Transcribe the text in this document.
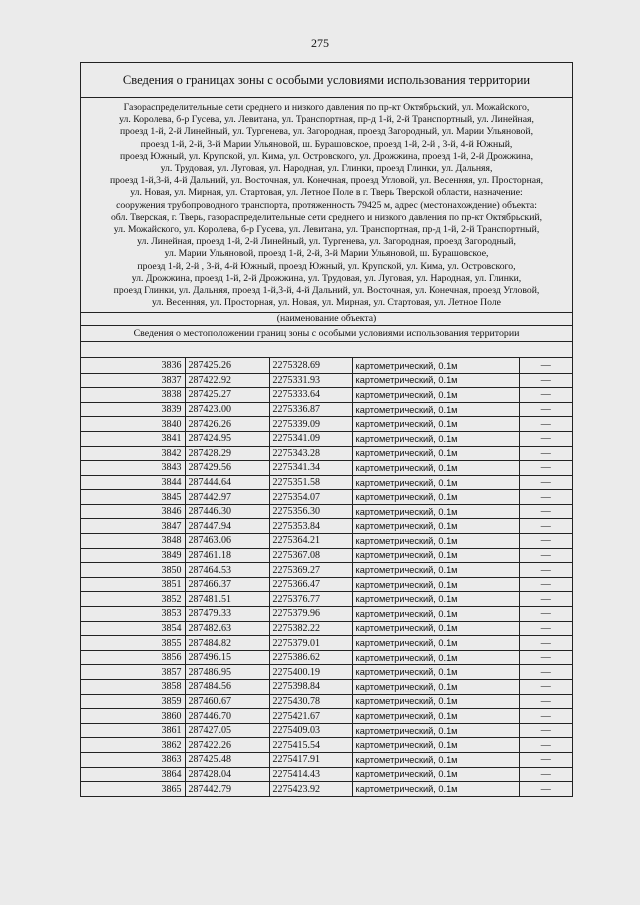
275
Сведения о границах зоны с особыми условиями использования территории
Газораспределительные сети среднего и низкого давления по пр-кт Октябрьский, ул. Можайского,
ул. Королева, б-р Гусева, ул. Левитана, ул. Транспортная, пр-д 1-й, 2-й Транспортный, ул. Линейная,
проезд 1-й, 2-й Линейный, ул. Тургенева, ул. Загородная, проезд Загородный, ул. Марии Ульяновой,
проезд 1-й, 2-й, 3-й Марии Ульяновой, ш. Бурашовское, проезд 1-й, 2-й , 3-й, 4-й Южный,
проезд Южный, ул. Крупской, ул. Кима, ул. Островского, ул. Дрожжина, проезд 1-й, 2-й Дрожжина,
ул. Трудовая, ул. Луговая, ул. Народная, ул. Глинки, проезд Глинки, ул. Дальняя,
проезд 1-й,3-й, 4-й Дальний, ул. Восточная, ул. Конечная, проезд Угловой, ул. Весенняя, ул. Просторная,
ул. Новая, ул. Мирная, ул. Стартовая, ул. Летное Поле в г. Тверь Тверской области, назначение:
сооружения трубопроводного транспорта, протяженность 79425 м, адрес (местонахождение) объекта:
обл. Тверская, г. Тверь, газораспределительные сети среднего и низкого давления по пр-кт Октябрьский,
ул. Можайского, ул. Королева, б-р Гусева, ул. Левитана, ул. Транспортная, пр-д 1-й, 2-й Транспортный,
ул. Линейная, проезд 1-й, 2-й Линейный, ул. Тургенева, ул. Загородная, проезд Загородный,
ул. Марии Ульяновой, проезд 1-й, 2-й, 3-й Марии Ульяновой, ш. Бурашовское,
проезд 1-й, 2-й , 3-й, 4-й Южный, проезд Южный, ул. Крупской, ул. Кима, ул. Островского,
ул. Дрожжина, проезд 1-й, 2-й Дрожжина, ул. Трудовая, ул. Луговая, ул. Народная, ул. Глинки,
проезд Глинки, ул. Дальняя, проезд 1-й,3-й, 4-й Дальний, ул. Восточная, ул. Конечная, проезд Угловой,
ул. Весенняя, ул. Просторная, ул. Новая, ул. Мирная, ул. Стартовая, ул. Летное Поле
(наименование объекта)
Сведения о местоположении границ зоны с особыми условиями использования территории
3836	287425.26	2275328.69	картометрический, 0.1м	—
3837	287422.92	2275331.93	картометрический, 0.1м	—
3838	287425.27	2275333.64	картометрический, 0.1м	—
3839	287423.00	2275336.87	картометрический, 0.1м	—
3840	287426.26	2275339.09	картометрический, 0.1м	—
3841	287424.95	2275341.09	картометрический, 0.1м	—
3842	287428.29	2275343.28	картометрический, 0.1м	—
3843	287429.56	2275341.34	картометрический, 0.1м	—
3844	287444.64	2275351.58	картометрический, 0.1м	—
3845	287442.97	2275354.07	картометрический, 0.1м	—
3846	287446.30	2275356.30	картометрический, 0.1м	—
3847	287447.94	2275353.84	картометрический, 0.1м	—
3848	287463.06	2275364.21	картометрический, 0.1м	—
3849	287461.18	2275367.08	картометрический, 0.1м	—
3850	287464.53	2275369.27	картометрический, 0.1м	—
3851	287466.37	2275366.47	картометрический, 0.1м	—
3852	287481.51	2275376.77	картометрический, 0.1м	—
3853	287479.33	2275379.96	картометрический, 0.1м	—
3854	287482.63	2275382.22	картометрический, 0.1м	—
3855	287484.82	2275379.01	картометрический, 0.1м	—
3856	287496.15	2275386.62	картометрический, 0.1м	—
3857	287486.95	2275400.19	картометрический, 0.1м	—
3858	287484.56	2275398.84	картометрический, 0.1м	—
3859	287460.67	2275430.78	картометрический, 0.1м	—
3860	287446.70	2275421.67	картометрический, 0.1м	—
3861	287427.05	2275409.03	картометрический, 0.1м	—
3862	287422.26	2275415.54	картометрический, 0.1м	—
3863	287425.48	2275417.91	картометрический, 0.1м	—
3864	287428.04	2275414.43	картометрический, 0.1м	—
3865	287442.79	2275423.92	картометрический, 0.1м	—
